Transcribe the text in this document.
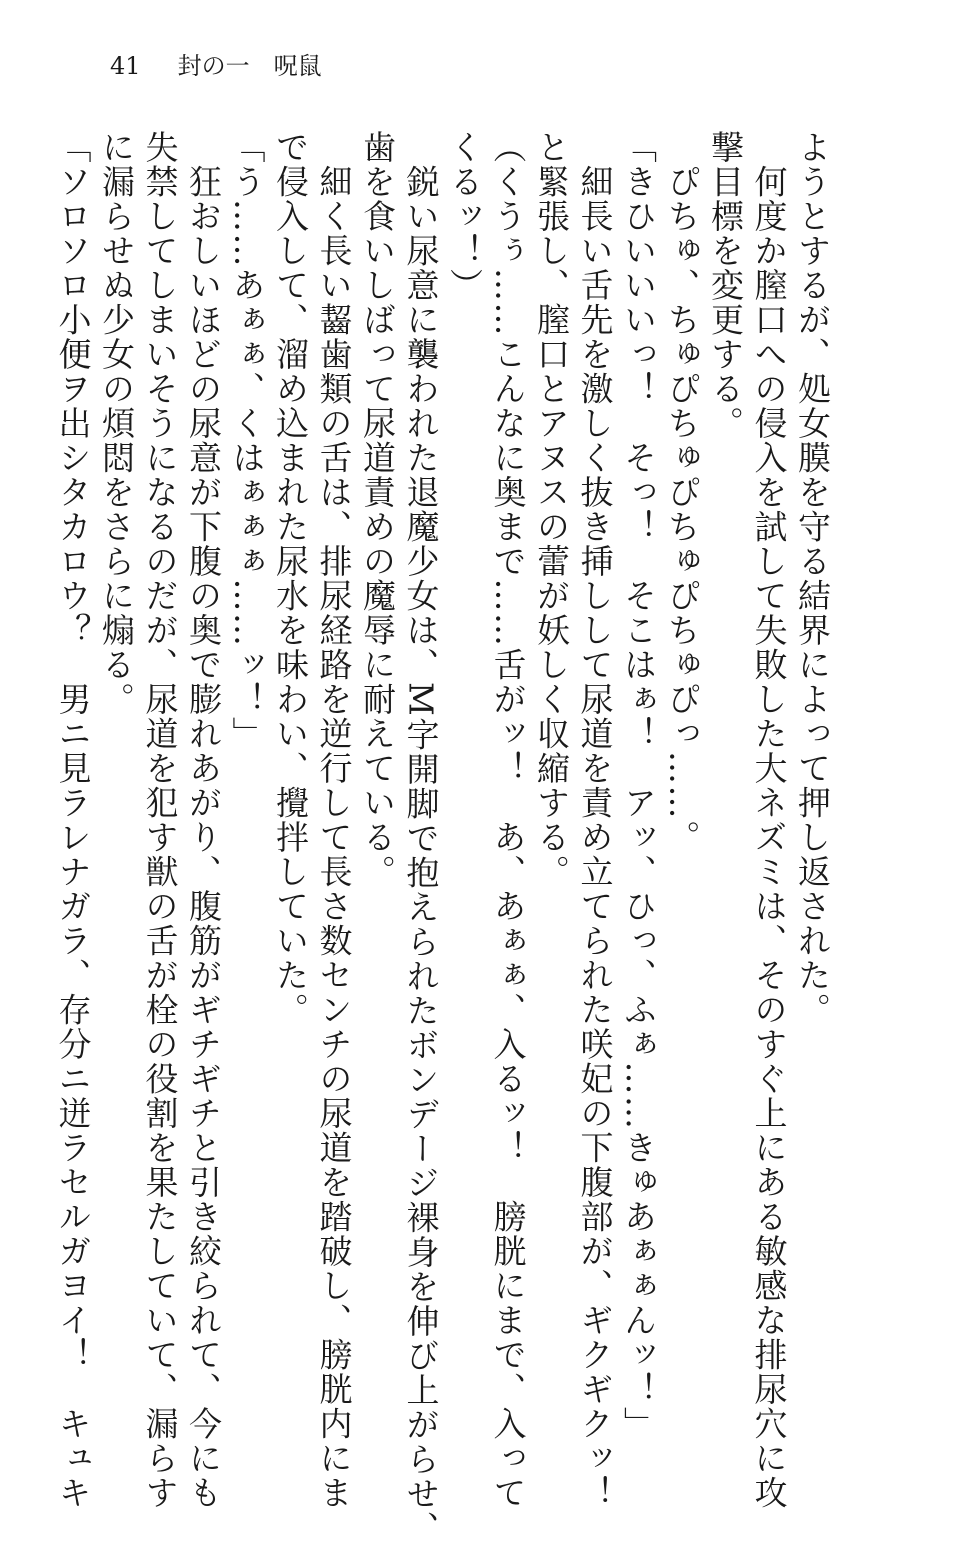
41 封の一　呪鼠
ようとするが、処女膜を守る結界によって押し返された。
　何度か膣口への侵入を試して失敗した大ネズミは、そのすぐ上にある敏感な排尿穴に攻
撃目標を変更する。
　ぴちゅ、ちゅぴちゅぴちゅぴちゅぴっ……。
「きひいいいっ！　そっ！　そこはぁ！　アッ、ひっ、ふぁ……きゅあぁぁんッ！」
　細長い舌先を激しく抜き挿しして尿道を責め立てられた咲妃の下腹部が、ギクギクッ！
と緊張し、膣口とアヌスの蕾が妖しく収縮する。
（くうぅ……こんなに奥まで……舌がッ！　あ、あぁぁ、入るッ！　膀胱にまで、入って
くるッ！）
　鋭い尿意に襲われた退魔少女は、M字開脚で抱えられたボンデージ裸身を伸び上がらせ、
歯を食いしばって尿道責めの魔辱に耐えている。
　細く長い齧歯類の舌は、排尿経路を逆行して長さ数センチの尿道を踏破し、膀胱内にま
で侵入して、溜め込まれた尿水を味わい、攪拌していた。
「う……あぁぁ、くはぁぁぁ……ッ！」
　狂おしいほどの尿意が下腹の奥で膨れあがり、腹筋がギチギチと引き絞られて、今にも
失禁してしまいそうになるのだが、尿道を犯す獣の舌が栓の役割を果たしていて、漏らす
に漏らせぬ少女の煩悶をさらに煽る。
「ソロソロ小便ヲ出シタカロウ？　男ニ見ラレナガラ、存分ニ迸ラセルガヨイ！　キュキ
